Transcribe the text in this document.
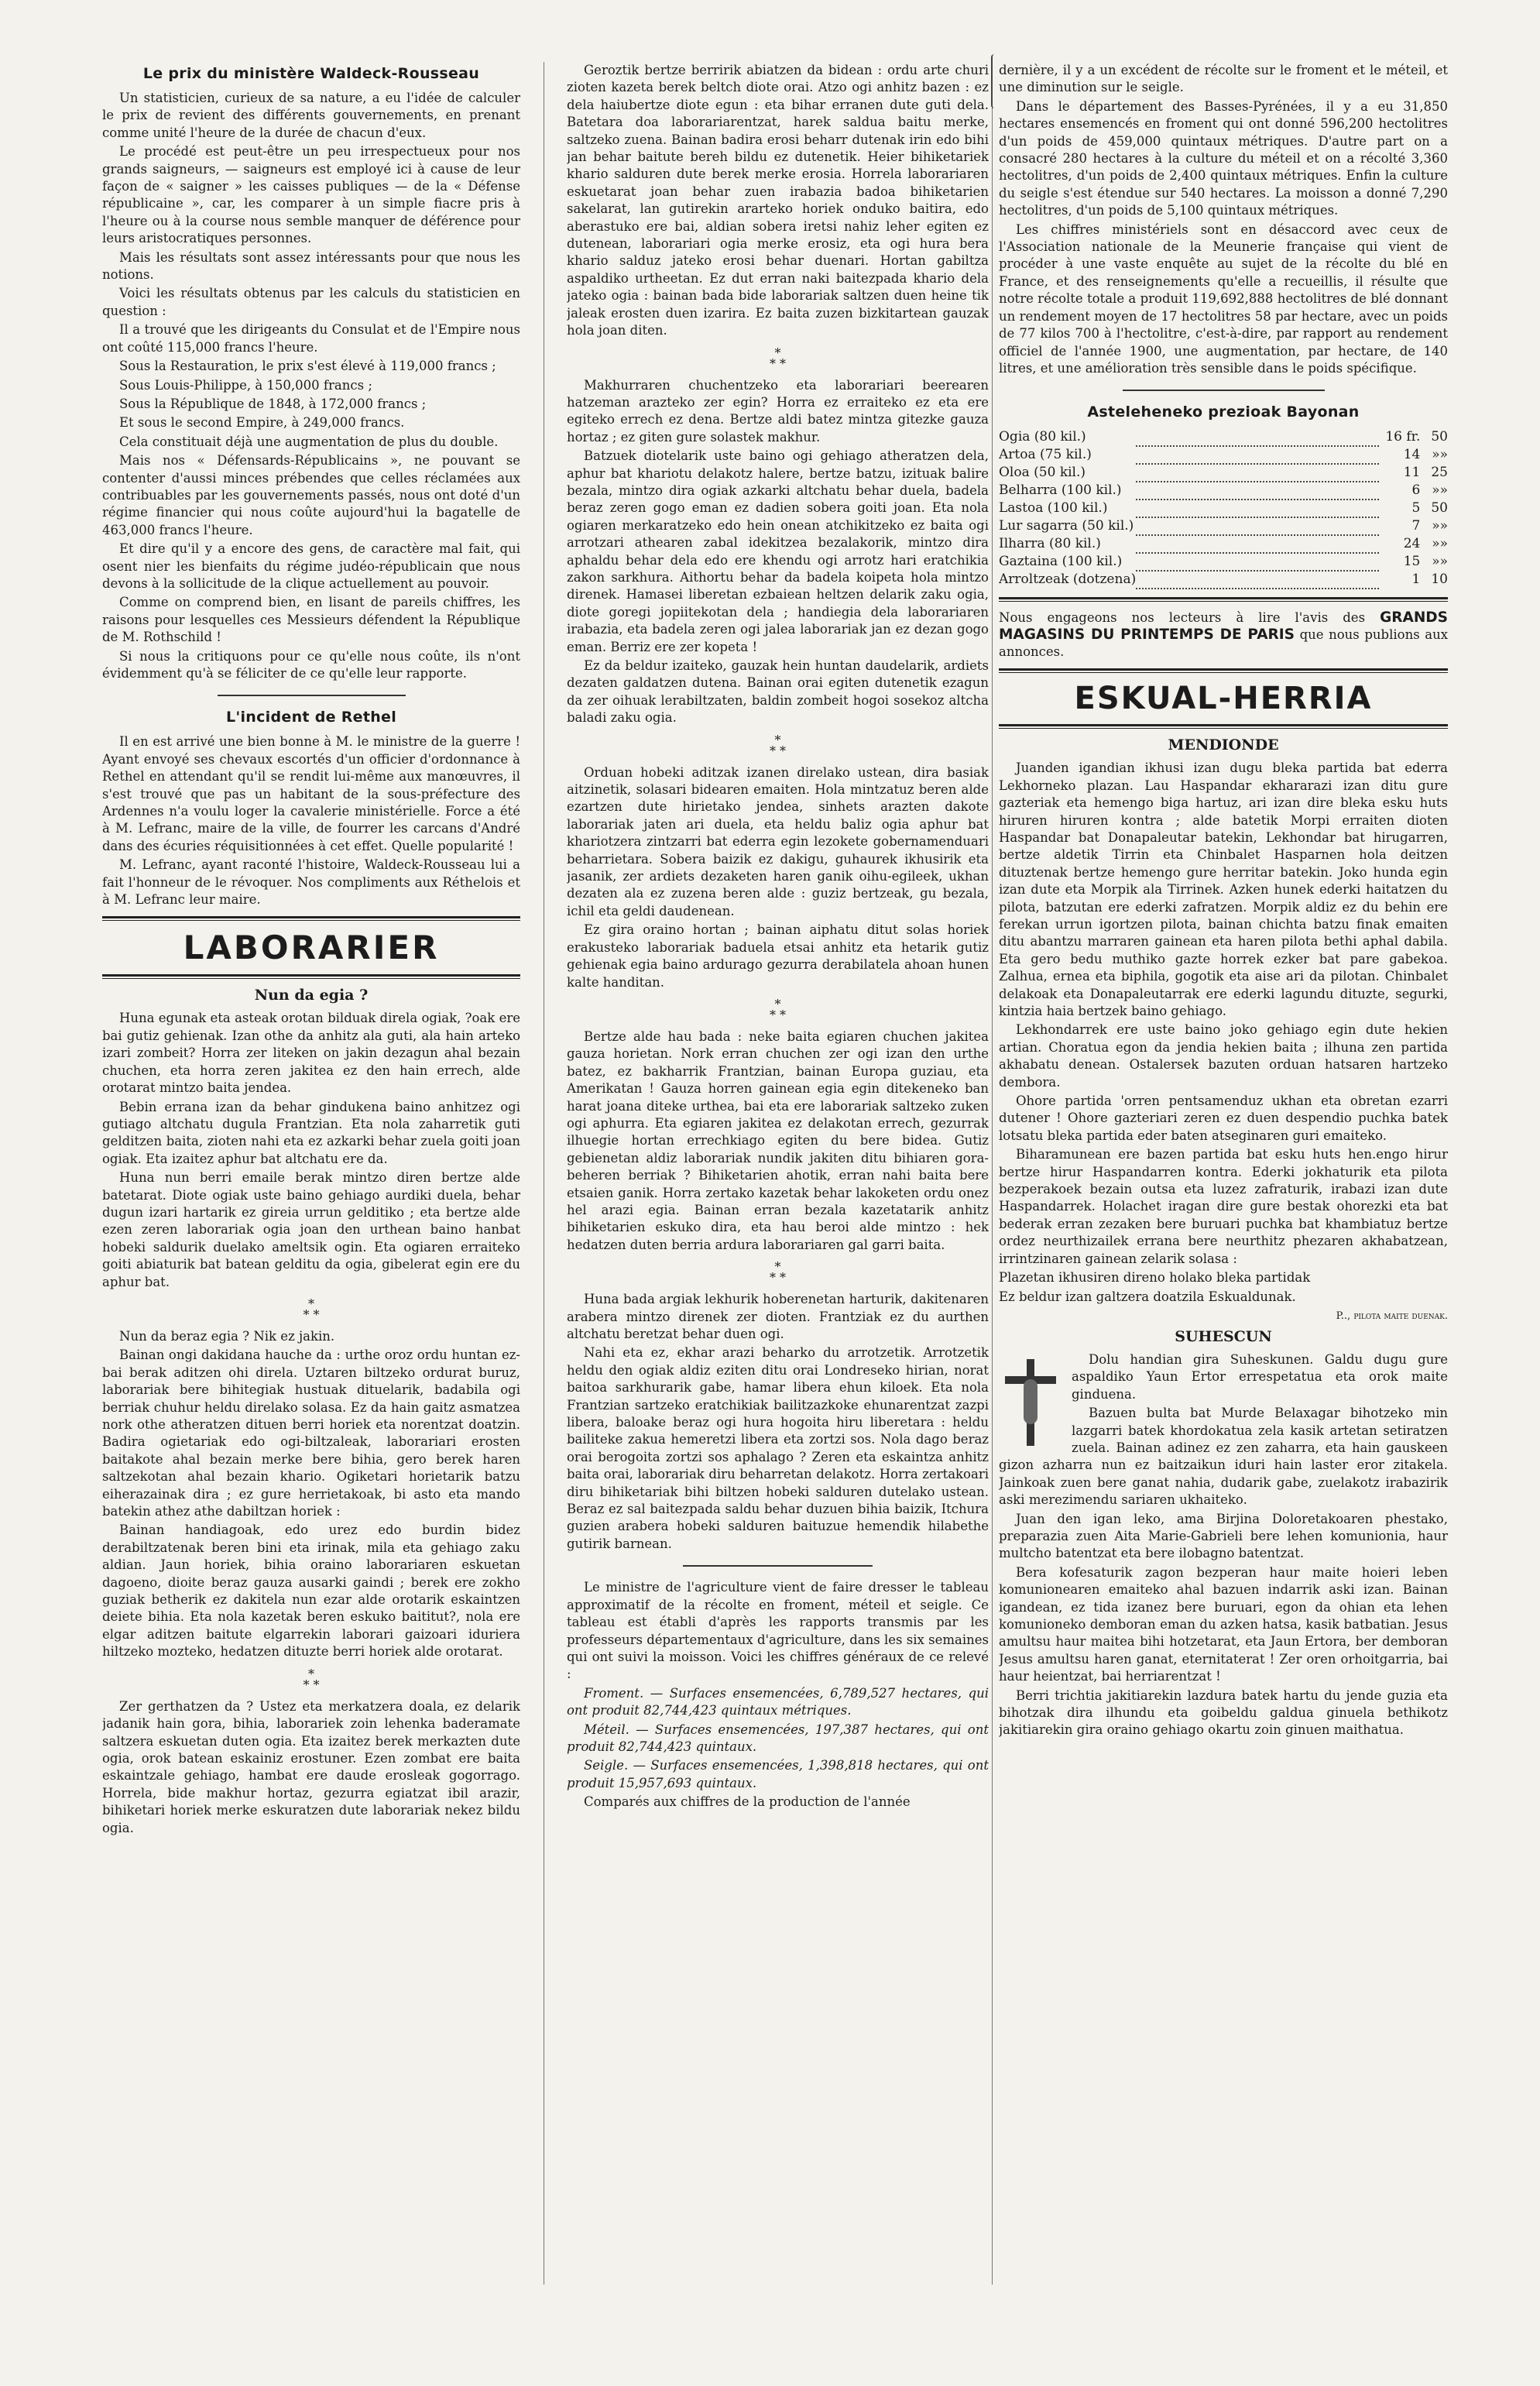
Le prix du ministère Waldeck-Rousseau

Un statisticien, curieux de sa nature, a eu l'idée de calculer le prix de revient des différents gouvernements, en prenant comme unité l'heure de la durée de chacun d'eux.

Le procédé est peut-être un peu irrespectueux pour nos grands saigneurs, — saigneurs est employé ici à cause de leur façon de « saigner » les caisses publiques — de la « Défense républicaine », car, les comparer à un simple fiacre pris à l'heure ou à la course nous semble manquer de déférence pour leurs aristocratiques personnes.

Mais les résultats sont assez intéressants pour que nous les notions.

Voici les résultats obtenus par les calculs du statisticien en question :

Il a trouvé que les dirigeants du Consulat et de l'Empire nous ont coûté 115,000 francs l'heure.

Sous la Restauration, le prix s'est élevé à 119,000 francs ;

Sous Louis-Philippe, à 150,000 francs ;

Sous la République de 1848, à 172,000 francs ;

Et sous le second Empire, à 249,000 francs.

Cela constituait déjà une augmentation de plus du double.

Mais nos « Défensards-Républicains », ne pouvant se contenter d'aussi minces prébendes que celles réclamées aux contribuables par les gouvernements passés, nous ont doté d'un régime financier qui nous coûte aujourd'hui la bagatelle de 463,000 francs l'heure.

Et dire qu'il y a encore des gens, de caractère mal fait, qui osent nier les bienfaits du régime judéo-républicain que nous devons à la sollicitude de la clique actuellement au pouvoir.

Comme on comprend bien, en lisant de pareils chiffres, les raisons pour lesquelles ces Messieurs défendent la République de M. Rothschild !

Si nous la critiquons pour ce qu'elle nous coûte, ils n'ont évidemment qu'à se féliciter de ce qu'elle leur rapporte.

L'incident de Rethel

Il en est arrivé une bien bonne à M. le ministre de la guerre ! Ayant envoyé ses chevaux escortés d'un officier d'ordonnance à Rethel en attendant qu'il se rendit lui-même aux manœuvres, il s'est trouvé que pas un habitant de la sous-préfecture des Ardennes n'a voulu loger la cavalerie ministérielle. Force a été à M. Lefranc, maire de la ville, de fourrer les carcans d'André dans des écuries réquisitionnées à cet effet. Quelle popularité !

M. Lefranc, ayant raconté l'histoire, Waldeck-Rousseau lui a fait l'honneur de le révoquer. Nos compliments aux Réthelois et à M. Lefranc leur maire.

LABORARIER
Nun da egia ?

Huna egunak eta asteak orotan bilduak direla ogiak, ?oak ere bai gutiz gehienak. Izan othe da anhitz ala guti, ala hain arteko izari zombeit? Horra zer liteken on jakin dezagun ahal bezain chuchen, eta horra zeren jakitea ez den hain errech, alde orotarat mintzo baita jendea.

Bebin errana izan da behar gindukena baino anhitzez ogi gutiago altchatu dugula Frantzian. Eta nola zaharretik guti gelditzen baita, zioten nahi eta ez azkarki behar zuela goiti joan ogiak. Eta izaitez aphur bat altchatu ere da.

Huna nun berri emaile berak mintzo diren bertze alde batetarat. Diote ogiak uste baino gehiago aurdiki duela, behar dugun izari hartarik ez gireia urrun gelditiko ; eta bertze alde ezen zeren laborariak ogia joan den urthean baino hanbat hobeki saldurik duelako ameltsik ogin. Eta ogiaren erraiteko goiti abiaturik bat batean gelditu da ogia, gibelerat egin ere du aphur bat.

*
* *

Nun da beraz egia ? Nik ez jakin.

Bainan ongi dakidana hauche da : urthe oroz ordu huntan ez-bai berak aditzen ohi direla. Uztaren biltzeko ordurat buruz, laborariak bere bihitegiak hustuak dituelarik, badabila ogi berriak chuhur heldu direlako solasa. Ez da hain gaitz asmatzea nork othe atheratzen dituen berri horiek eta norentzat doatzin. Badira ogietariak edo ogi-biltzaleak, laborariari erosten baitakote ahal bezain merke bere bihia, gero berek haren saltzekotan ahal bezain khario. Ogiketari horietarik batzu eiherazainak dira ; ez gure herrietakoak, bi asto eta mando batekin athez athe dabiltzan horiek :

Bainan handiagoak, edo urez edo burdin bidez derabiltzatenak beren bini eta irinak, mila eta gehiago zaku aldian. Jaun horiek, bihia oraino laborariaren eskuetan dagoeno, dioite beraz gauza ausarki gaindi ; berek ere zokho guziak betherik ez dakitela nun ezar alde orotarik eskaintzen deiete bihia. Eta nola kazetak beren eskuko baititut?, nola ere elgar aditzen baitute elgarrekin laborari gaizoari iduriera hiltzeko mozteko, hedatzen dituzte berri horiek alde orotarat.

*
* *

Zer gerthatzen da ? Ustez eta merkatzera doala, ez delarik jadanik hain gora, bihia, laborariek zoin lehenka baderamate saltzera eskuetan duten ogia. Eta izaitez berek merkazten dute ogia, orok batean eskainiz erostuner. Ezen zombat ere baita eskaintzale gehiago, hambat ere daude erosleak gogorrago. Horrela, bide makhur hortaz, gezurra egiatzat ibil arazir, bihiketari horiek merke eskuratzen dute laborariak nekez bildu ogia.

Geroztik bertze berririk abiatzen da bidean : ordu arte churi zioten kazeta berek beltch diote orai. Atzo ogi anhitz bazen : ez dela haiubertze diote egun : eta bihar erranen dute guti dela. Batetara doa laborariarentzat, harek saldua baitu merke, saltzeko zuena. Bainan badira erosi beharr dutenak irin edo bihi jan behar baitute bereh bildu ez dutenetik. Heier bihiketariek khario salduren dute berek merke erosia. Horrela laborariaren eskuetarat joan behar zuen irabazia badoa bihiketarien sakelarat, lan gutirekin ararteko horiek onduko baitira, edo aberastuko ere bai, aldian sobera iretsi nahiz leher egiten ez dutenean, laborariari ogia merke erosiz, eta ogi hura bera khario salduz jateko erosi behar duenari. Hortan gabiltza aspaldiko urtheetan. Ez dut erran naki baitezpada khario dela jateko ogia : bainan bada bide laborariak saltzen duen heine tik jaleak erosten duen izarira. Ez baita zuzen bizkitartean gauzak hola joan diten.

*
* *

Makhurraren chuchentzeko eta laborariari beerearen hatzeman arazteko zer egin? Horra ez erraiteko ez eta ere egiteko errech ez dena. Bertze aldi batez mintza gitezke gauza hortaz ; ez giten gure solastek makhur.

Batzuek diotelarik uste baino ogi gehiago atheratzen dela, aphur bat khariotu delakotz halere, bertze batzu, izituak balire bezala, mintzo dira ogiak azkarki altchatu behar duela, badela beraz zeren gogo eman ez dadien sobera goiti joan. Eta nola ogiaren merkaratzeko edo hein onean atchikitzeko ez baita ogi arrotzari athearen zabal idekitzea bezalakorik, mintzo dira aphaldu behar dela edo ere khendu ogi arrotz hari eratchikia zakon sarkhura. Aithortu behar da badela koipeta hola mintzo direnek. Hamasei liberetan ezbaiean heltzen delarik zaku ogia, diote goregi jopiitekotan dela ; handiegia dela laborariaren irabazia, eta badela zeren ogi jalea laborariak jan ez dezan gogo eman. Berriz ere zer kopeta !

Ez da beldur izaiteko, gauzak hein huntan daudelarik, ardiets dezaten galdatzen dutena. Bainan orai egiten dutenetik ezagun da zer oihuak lerabiltzaten, baldin zombeit hogoi sosekoz altcha baladi zaku ogia.

*
* *

Orduan hobeki aditzak izanen direlako ustean, dira basiak aitzinetik, solasari bidearen emaiten. Hola mintzatuz beren alde ezartzen dute hirietako jendea, sinhets arazten dakote laborariak jaten ari duela, eta heldu baliz ogia aphur bat khariotzera zintzarri bat ederra egin lezokete gobernamenduari beharrietara. Sobera baizik ez dakigu, guhaurek ikhusirik eta jasanik, zer ardiets dezaketen haren ganik oihu-egileek, ukhan dezaten ala ez zuzena beren alde : guziz bertzeak, gu bezala, ichil eta geldi daudenean.

Ez gira oraino hortan ; bainan aiphatu ditut solas horiek erakusteko laborariak baduela etsai anhitz eta hetarik gutiz gehienak egia baino ardurago gezurra derabilatela ahoan hunen kalte handitan.

*
* *

Bertze alde hau bada : neke baita egiaren chuchen jakitea gauza horietan. Nork erran chuchen zer ogi izan den urthe batez, ez bakharrik Frantzian, bainan Europa guziau, eta Amerikatan ! Gauza horren gainean egia egin ditekeneko ban harat joana diteke urthea, bai eta ere laborariak saltzeko zuken ogi aphurra. Eta egiaren jakitea ez delakotan errech, gezurrak ilhuegie hortan errechkiago egiten du bere bidea. Gutiz gebienetan aldiz laborariak nundik jakiten ditu bihiaren gora-beheren berriak ? Bihiketarien ahotik, erran nahi baita bere etsaien ganik. Horra zertako kazetak behar lakoketen ordu onez hel arazi egia. Bainan erran bezala kazetatarik anhitz bihiketarien eskuko dira, eta hau beroi alde mintzo : hek hedatzen duten berria ardura laborariaren gal garri baita.

*
* *

Huna bada argiak lekhurik hoberenetan harturik, dakitenaren arabera mintzo direnek zer dioten. Frantziak ez du aurthen altchatu beretzat behar duen ogi.

Nahi eta ez, ekhar arazi beharko du arrotzetik. Arrotzetik heldu den ogiak aldiz eziten ditu orai Londreseko hirian, norat baitoa sarkhurarik gabe, hamar libera ehun kiloek. Eta nola Frantzian sartzeko eratchikiak bailitzazkoke ehunarentzat zazpi libera, baloake beraz ogi hura hogoita hiru liberetara : heldu bailiteke zakua hemeretzi libera eta zortzi sos. Nola dago beraz orai berogoita zortzi sos aphalago ? Zeren eta eskaintza anhitz baita orai, laborariak diru beharretan delakotz. Horra zertakoari diru bihiketariak bihi biltzen hobeki salduren dutelako ustean. Beraz ez sal baitezpada saldu behar duzuen bihia baizik, Itchura guzien arabera hobeki salduren baituzue hemendik hilabethe gutirik barnean.

Le ministre de l'agriculture vient de faire dresser le tableau approximatif de la récolte en froment, méteil et seigle. Ce tableau est établi d'après les rapports transmis par les professeurs départementaux d'agriculture, dans les six semaines qui ont suivi la moisson. Voici les chiffres généraux de ce relevé :

Froment. — Surfaces ensemencées, 6,789,527 hectares, qui ont produit 82,744,423 quintaux métriques.

Méteil. — Surfaces ensemencées, 197,387 hectares, qui ont produit 82,744,423 quintaux.

Seigle. — Surfaces ensemencées, 1,398,818 hectares, qui ont produit 15,957,693 quintaux.

Comparés aux chiffres de la production de l'année

dernière, il y a un excédent de récolte sur le froment et le méteil, et une diminution sur le seigle.

Dans le département des Basses-Pyrénées, il y a eu 31,850 hectares ensemencés en froment qui ont donné 596,200 hectolitres d'un poids de 459,000 quintaux métriques. D'autre part on a consacré 280 hectares à la culture du méteil et on a récolté 3,360 hectolitres, d'un poids de 2,400 quintaux métriques. Enfin la culture du seigle s'est étendue sur 540 hectares. La moisson a donné 7,290 hectolitres, d'un poids de 5,100 quintaux métriques.

Les chiffres ministériels sont en désaccord avec ceux de l'Association nationale de la Meunerie française qui vient de procéder à une vaste enquête au sujet de la récolte du blé en France, et des renseignements qu'elle a recueillis, il résulte que notre récolte totale a produit 119,692,888 hectolitres de blé donnant un rendement moyen de 17 hectolitres 58 par hectare, avec un poids de 77 kilos 700 à l'hectolitre, c'est-à-dire, par rapport au rendement officiel de l'année 1900, une augmentation, par hectare, de 140 litres, et une amélioration très sensible dans le poids spécifique.

Asteleheneko prezioak Bayonan
Ogia (80 kil.)		16 fr.	50
Artoa (75 kil.)		14	»»
Oloa (50 kil.)		11	25
Belharra (100 kil.)		6	»»
Lastoa (100 kil.)		5	50
Lur sagarra (50 kil.)		7	»»
Ilharra (80 kil.)		24	»»
Gaztaina (100 kil.)		15	»»
Arroltzeak (dotzena)		1	10
Nous engageons nos lecteurs à lire l'avis des GRANDS MAGASINS DU PRINTEMPS DE PARIS que nous publions aux annonces.
ESKUAL-HERRIA
MENDIONDE

Juanden igandian ikhusi izan dugu bleka partida bat ederra Lekhorneko plazan. Lau Haspandar ekhararazi izan ditu gure gazteriak eta hemengo biga hartuz, ari izan dire bleka esku huts hiruren hiruren kontra ; alde batetik Morpi erraiten dioten Haspandar bat Donapaleutar batekin, Lekhondar bat hirugarren, bertze aldetik Tirrin eta Chinbalet Hasparnen hola deitzen dituztenak bertze hemengo gure herritar batekin. Joko hunda egin izan dute eta Morpik ala Tirrinek. Azken hunek ederki haitatzen du pilota, batzutan ere ederki zafratzen. Morpik aldiz ez du behin ere ferekan urrun igortzen pilota, bainan chichta batzu finak emaiten ditu abantzu marraren gainean eta haren pilota bethi aphal dabila. Eta gero bedu muthiko gazte horrek ezker bat pare gabekoa. Zalhua, ernea eta biphila, gogotik eta aise ari da pilotan. Chinbalet delakoak eta Donapaleutarrak ere ederki lagundu dituzte, segurki, kintzia haia bertzek baino gehiago.

Lekhondarrek ere uste baino joko gehiago egin dute hekien artian. Choratua egon da jendia hekien baita ; ilhuna zen partida akhabatu denean. Ostalersek bazuten orduan hatsaren hartzeko dembora.

Ohore partida 'orren pentsamenduz ukhan eta obretan ezarri dutener ! Ohore gazteriari zeren ez duen despendio puchka batek lotsatu bleka partida eder baten atseginaren guri emaiteko.

Biharamunean ere bazen partida bat esku huts hen.engo hirur bertze hirur Haspandarren kontra. Ederki jokhaturik eta pilota bezperakoek bezain outsa eta luzez zafraturik, irabazi izan dute Haspandarrek. Holachet iragan dire gure bestak ohorezki eta bat bederak erran zezaken bere buruari puchka bat khambiatuz bertze ordez neurthizailek errana bere neurthitz phezaren akhabatzean, irrintzinaren gainean zelarik solasa :

Plazetan ikhusiren direno holako bleka partidak

Ez beldur izan galtzera doatzila Eskualdunak.

P.., pilota maite duenak.
SUHESCUN

Dolu handian gira Suheskunen. Galdu dugu gure aspaldiko Yaun Ertor errespetatua eta orok maite ginduena.

Bazuen bulta bat Murde Belaxagar bihotzeko min lazgarri batek khordokatua zela kasik artetan setiratzen zuela. Bainan adinez ez zen zaharra, eta hain gauskeen gizon azharra nun ez baitzaikun iduri hain laster eror zitakela. Jainkoak zuen bere ganat nahia, dudarik gabe, zuelakotz irabazirik aski merezimendu sariaren ukhaiteko.

Juan den igan leko, ama Birjina Doloretakoaren phestako, preparazia zuen Aita Marie-Gabrieli bere lehen komunionia, haur multcho batentzat eta bere ilobagno batentzat.

Bera kofesaturik zagon bezperan haur maite hoieri leben komunionearen emaiteko ahal bazuen indarrik aski izan. Bainan igandean, ez tida izanez bere buruari, egon da ohian eta lehen komunioneko demboran eman du azken hatsa, kasik batbatian. Jesus amultsu haur maitea bihi hotzetarat, eta Jaun Ertora, ber demboran Jesus amultsu haren ganat, eternitaterat ! Zer oren orhoitgarria, bai haur heientzat, bai herriarentzat !

Berri trichtia jakitiarekin lazdura batek hartu du jende guzia eta bihotzak dira ilhundu eta goibeldu galdua ginuela bethikotz jakitiarekin gira oraino gehiago okartu zoin ginuen maithatua.
